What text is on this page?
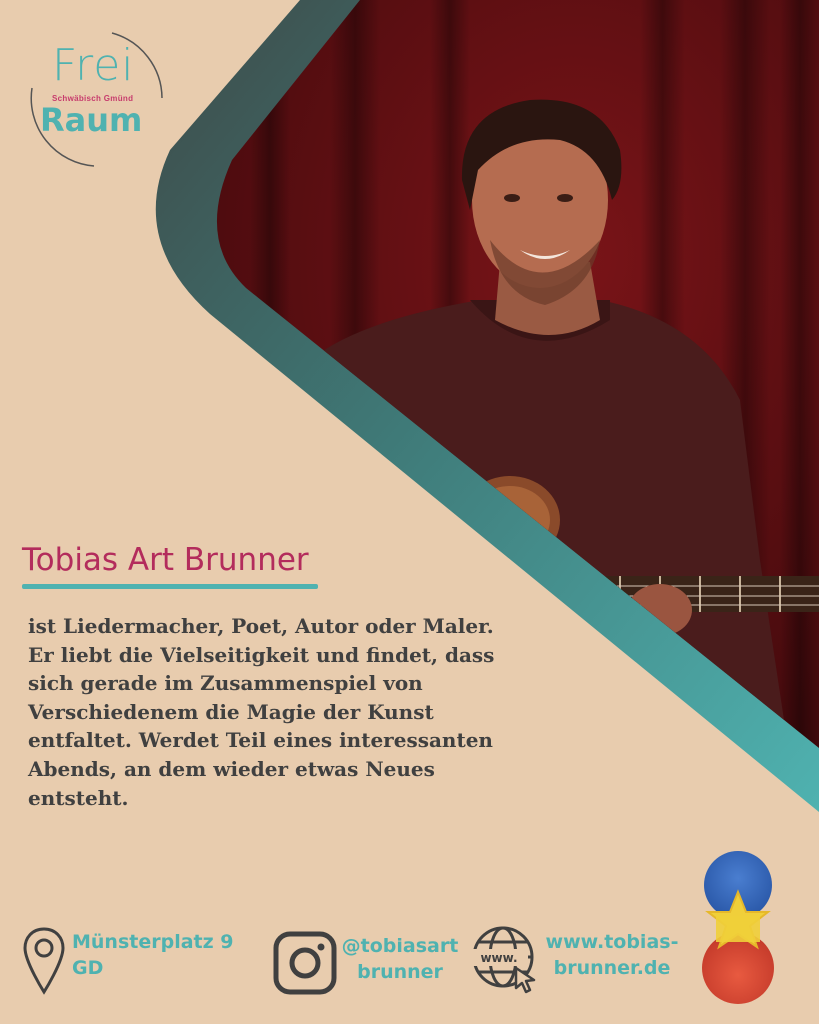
Frei
Schwäbisch Gmünd
Raum
Tobias Art Brunner
ist Liedermacher, Poet, Autor oder Maler.
Er liebt die Vielseitigkeit und findet, dass
sich gerade im Zusammenspiel von
Verschiedenem die Magie der Kunst
entfaltet. Werdet Teil eines interessanten
Abends, an dem wieder etwas Neues
entsteht.
Münsterplatz 9
GD
@tobiasart
brunner
www.
www.tobias-
brunner.de
